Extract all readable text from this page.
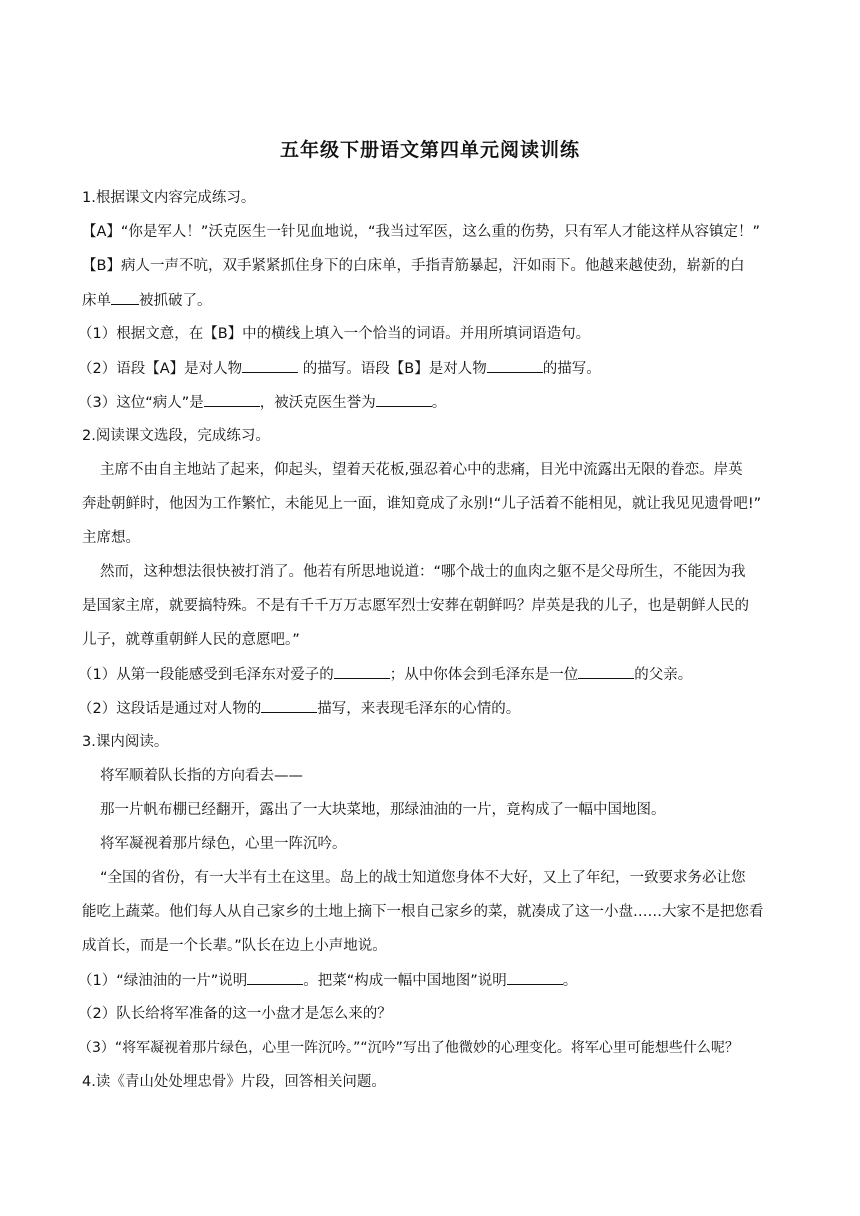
五年级下册语文第四单元阅读训练
1.根据课文内容完成练习。
【A】“你是军人！”沃克医生一针见血地说，“我当过军医，这么重的伤势，只有军人才能这样从容镇定！”
【B】病人一声不吭，双手紧紧抓住身下的白床单，手指青筋暴起，汗如雨下。他越来越使劲，崭新的白
床单 被抓破了。
（1）根据文意，在【B】中的横线上填入一个恰当的词语。并用所填词语造句。
（2）语段【A】是对人物	的描写。语段【B】是对人物	的描写。
（3）这位“病人”是	，被沃克医生誉为	。
2.阅读课文选段，完成练习。
主席不由自主地站了起来，仰起头，望着天花板,强忍着心中的悲痛，目光中流露出无限的眷恋。岸英
奔赴朝鲜时，他因为工作繁忙，未能见上一面，谁知竟成了永别!“儿子活着不能相见，就让我见见遗骨吧!”
主席想。
然而，这种想法很快被打消了。他若有所思地说道：“哪个战士的血肉之躯不是父母所生，不能因为我
是国家主席，就要搞特殊。不是有千千万万志愿军烈士安葬在朝鲜吗？岸英是我的儿子，也是朝鲜人民的
儿子，就尊重朝鲜人民的意愿吧。”
（1）从第一段能感受到毛泽东对爱子的	；从中你体会到毛泽东是一位	的父亲。
（2）这段话是通过对人物的	描写，来表现毛泽东的心情的。
3.课内阅读。
将军顺着队长指的方向看去——
那一片帆布棚已经翻开，露出了一大块菜地，那绿油油的一片，竟构成了一幅中国地图。
将军凝视着那片绿色，心里一阵沉吟。
“全国的省份，有一大半有土在这里。岛上的战士知道您身体不大好，又上了年纪，一致要求务必让您
能吃上蔬菜。他们每人从自己家乡的土地上摘下一根自己家乡的菜，就凑成了这一小盘……大家不是把您看
成首长，而是一个长辈。”队长在边上小声地说。
（1）“绿油油的一片”说明	。把菜“构成一幅中国地图”说明	。
（2）队长给将军准备的这一小盘才是怎么来的？
（3）“将军凝视着那片绿色，心里一阵沉吟。”“沉吟”写出了他微妙的心理变化。将军心里可能想些什么呢？
4.读《青山处处埋忠骨》片段，回答相关问题。
